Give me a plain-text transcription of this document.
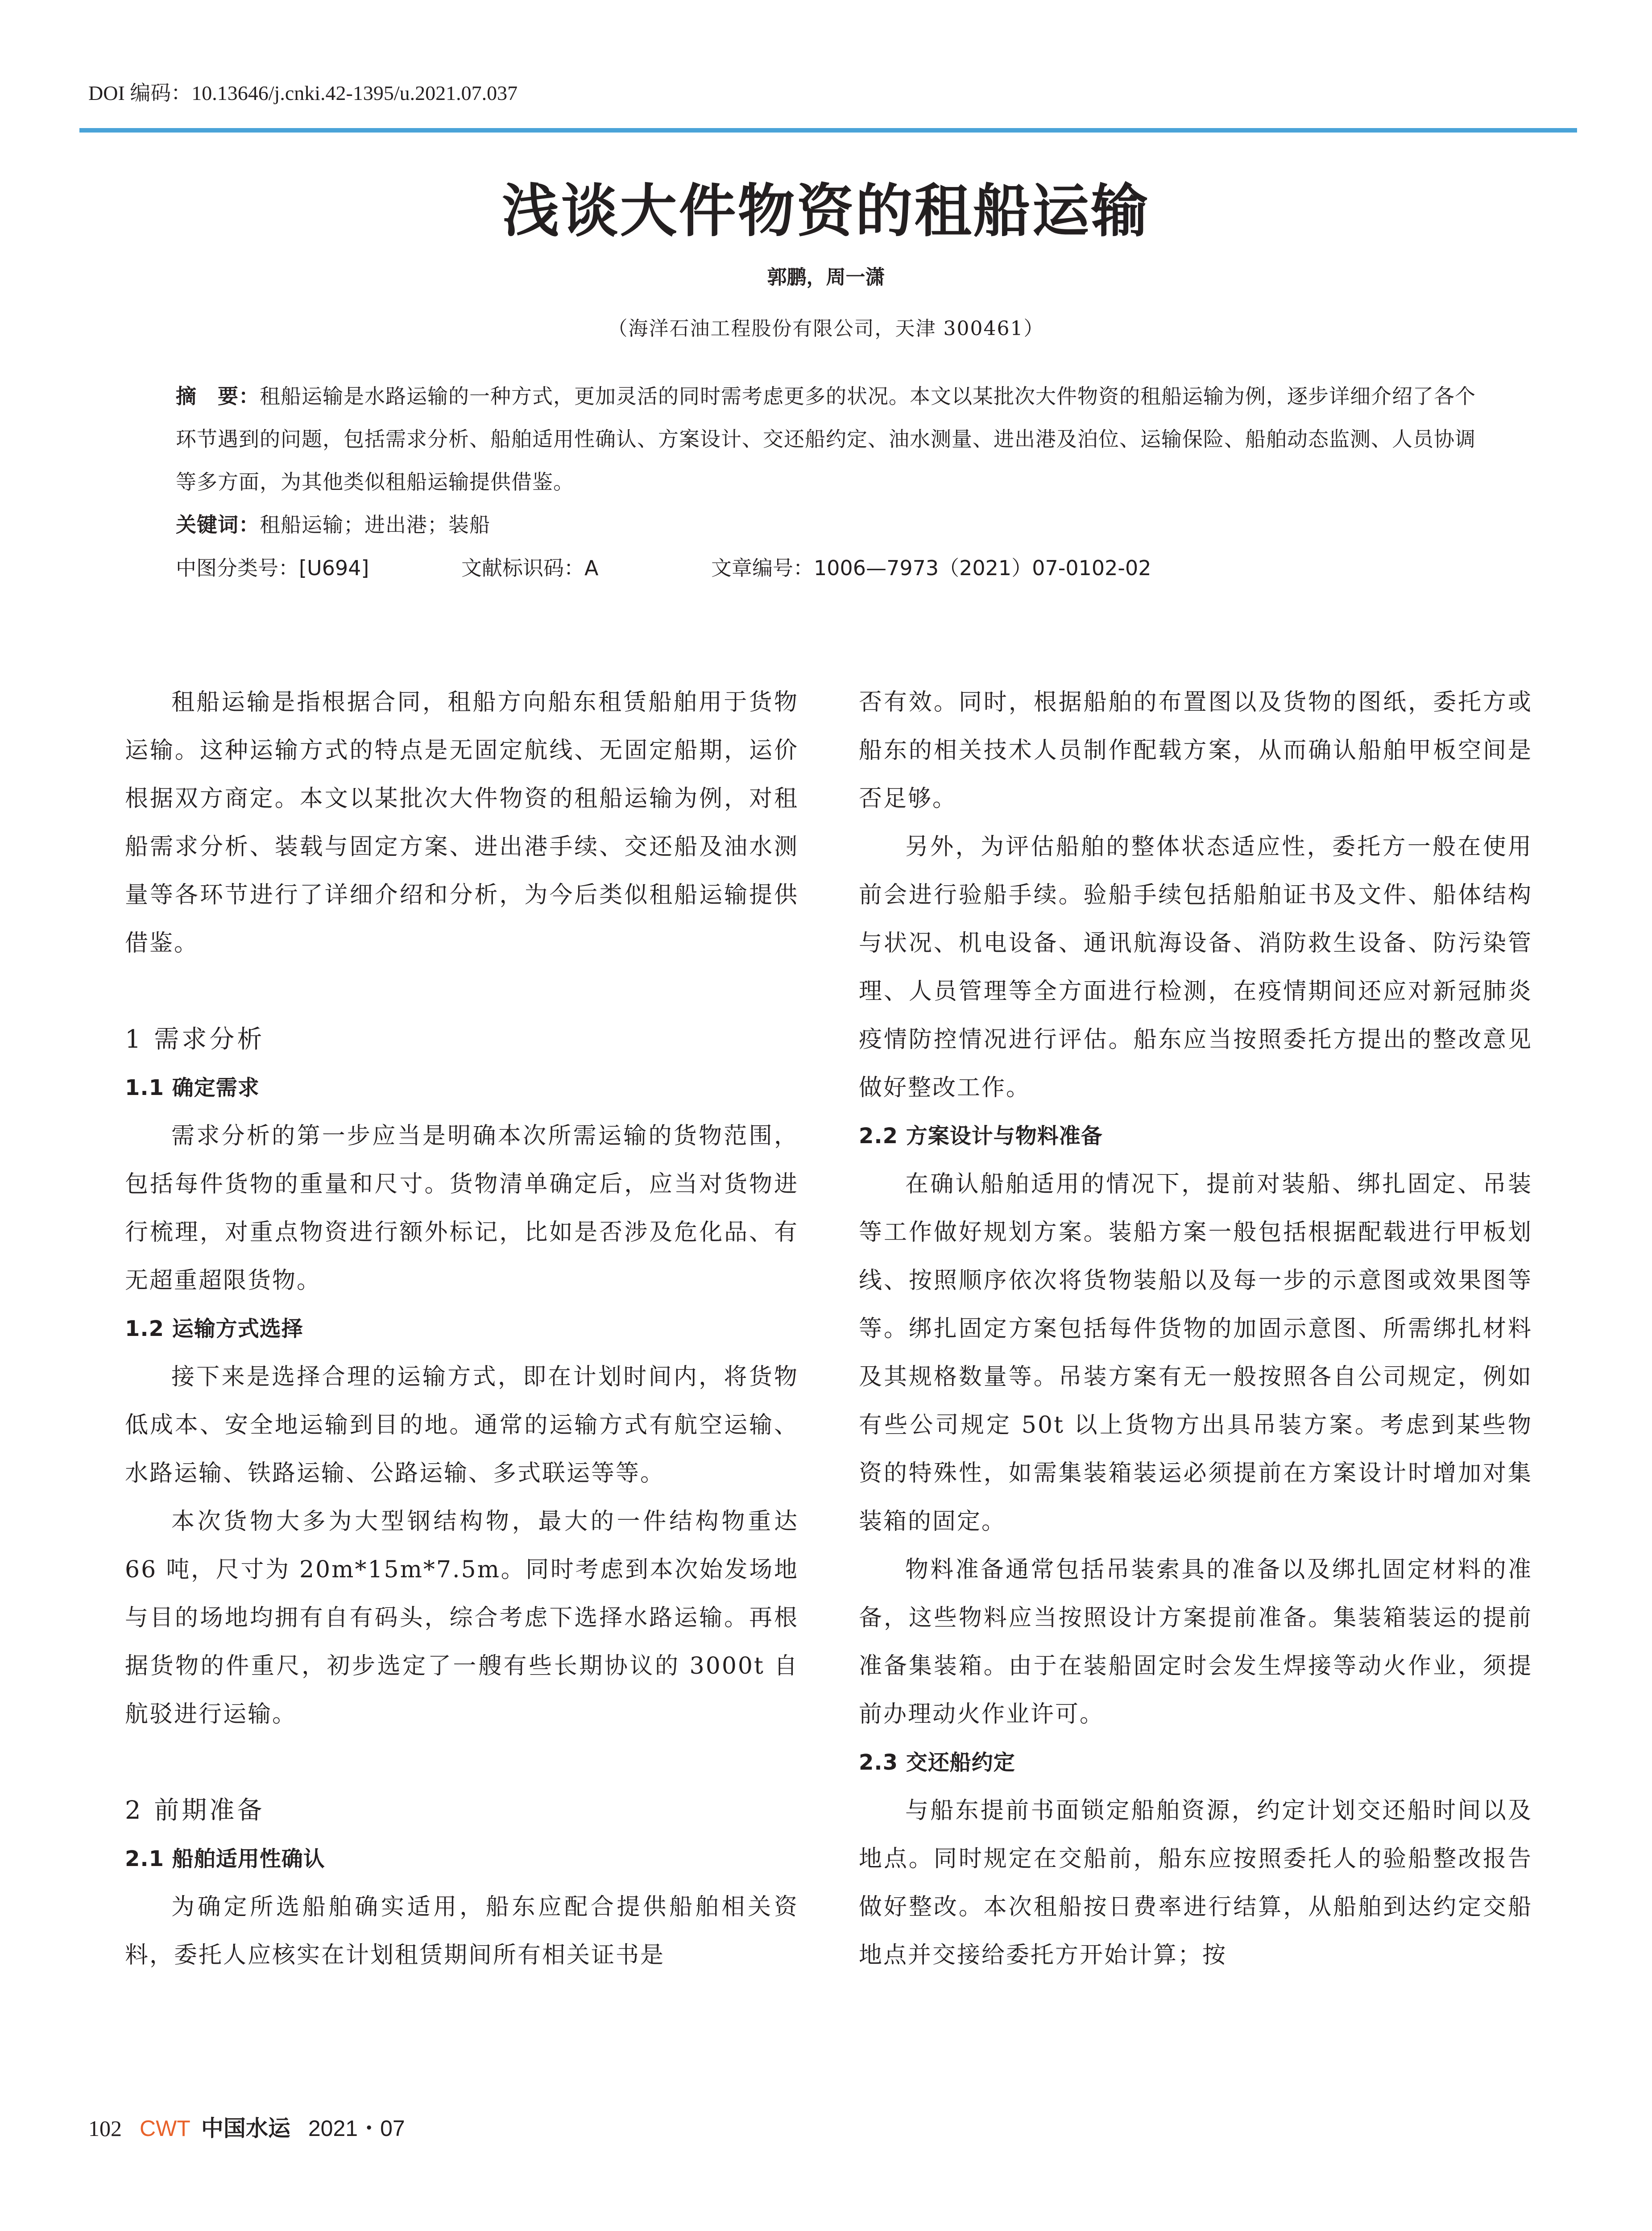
DOI 编码：10.13646/j.cnki.42-1395/u.2021.07.037
浅谈大件物资的租船运输
郭鹏，周一潇
（海洋石油工程股份有限公司，天津 300461）
摘　要：租船运输是水路运输的一种方式，更加灵活的同时需考虑更多的状况。本文以某批次大件物资的租船运输为例，逐步详细介绍了各个环节遇到的问题，包括需求分析、船舶适用性确认、方案设计、交还船约定、油水测量、进出港及泊位、运输保险、船舶动态监测、人员协调等多方面，为其他类似租船运输提供借鉴。
关键词：租船运输；进出港；装船
中图分类号：[U694]	文献标识码：A	文章编号：1006—7973（2021）07-0102-02

租船运输是指根据合同，租船方向船东租赁船舶用于货物运输。这种运输方式的特点是无固定航线、无固定船期，运价根据双方商定。本文以某批次大件物资的租船运输为例，对租船需求分析、装载与固定方案、进出港手续、交还船及油水测量等各环节进行了详细介绍和分析，为今后类似租船运输提供借鉴。

1 需求分析
1.1 确定需求

需求分析的第一步应当是明确本次所需运输的货物范围，包括每件货物的重量和尺寸。货物清单确定后，应当对货物进行梳理，对重点物资进行额外标记，比如是否涉及危化品、有无超重超限货物。

1.2 运输方式选择

接下来是选择合理的运输方式，即在计划时间内，将货物低成本、安全地运输到目的地。通常的运输方式有航空运输、水路运输、铁路运输、公路运输、多式联运等等。

本次货物大多为大型钢结构物，最大的一件结构物重达 66 吨，尺寸为 20m*15m*7.5m。同时考虑到本次始发场地与目的场地均拥有自有码头，综合考虑下选择水路运输。再根据货物的件重尺，初步选定了一艘有些长期协议的 3000t 自航驳进行运输。

2 前期准备
2.1 船舶适用性确认

为确定所选船舶确实适用，船东应配合提供船舶相关资料，委托人应核实在计划租赁期间所有相关证书是

否有效。同时，根据船舶的布置图以及货物的图纸，委托方或船东的相关技术人员制作配载方案，从而确认船舶甲板空间是否足够。

另外，为评估船舶的整体状态适应性，委托方一般在使用前会进行验船手续。验船手续包括船舶证书及文件、船体结构与状况、机电设备、通讯航海设备、消防救生设备、防污染管理、人员管理等全方面进行检测，在疫情期间还应对新冠肺炎疫情防控情况进行评估。船东应当按照委托方提出的整改意见做好整改工作。

2.2 方案设计与物料准备

在确认船舶适用的情况下，提前对装船、绑扎固定、吊装等工作做好规划方案。装船方案一般包括根据配载进行甲板划线、按照顺序依次将货物装船以及每一步的示意图或效果图等等。绑扎固定方案包括每件货物的加固示意图、所需绑扎材料及其规格数量等。吊装方案有无一般按照各自公司规定，例如有些公司规定 50t 以上货物方出具吊装方案。考虑到某些物资的特殊性，如需集装箱装运必须提前在方案设计时增加对集装箱的固定。

物料准备通常包括吊装索具的准备以及绑扎固定材料的准备，这些物料应当按照设计方案提前准备。集装箱装运的提前准备集装箱。由于在装船固定时会发生焊接等动火作业，须提前办理动火作业许可。

2.3 交还船约定

与船东提前书面锁定船舶资源，约定计划交还船时间以及地点。同时规定在交船前，船东应按照委托人的验船整改报告做好整改。本次租船按日费率进行结算，从船舶到达约定交船地点并交接给委托方开始计算；按

102 CWT 中国水运 2021・07
